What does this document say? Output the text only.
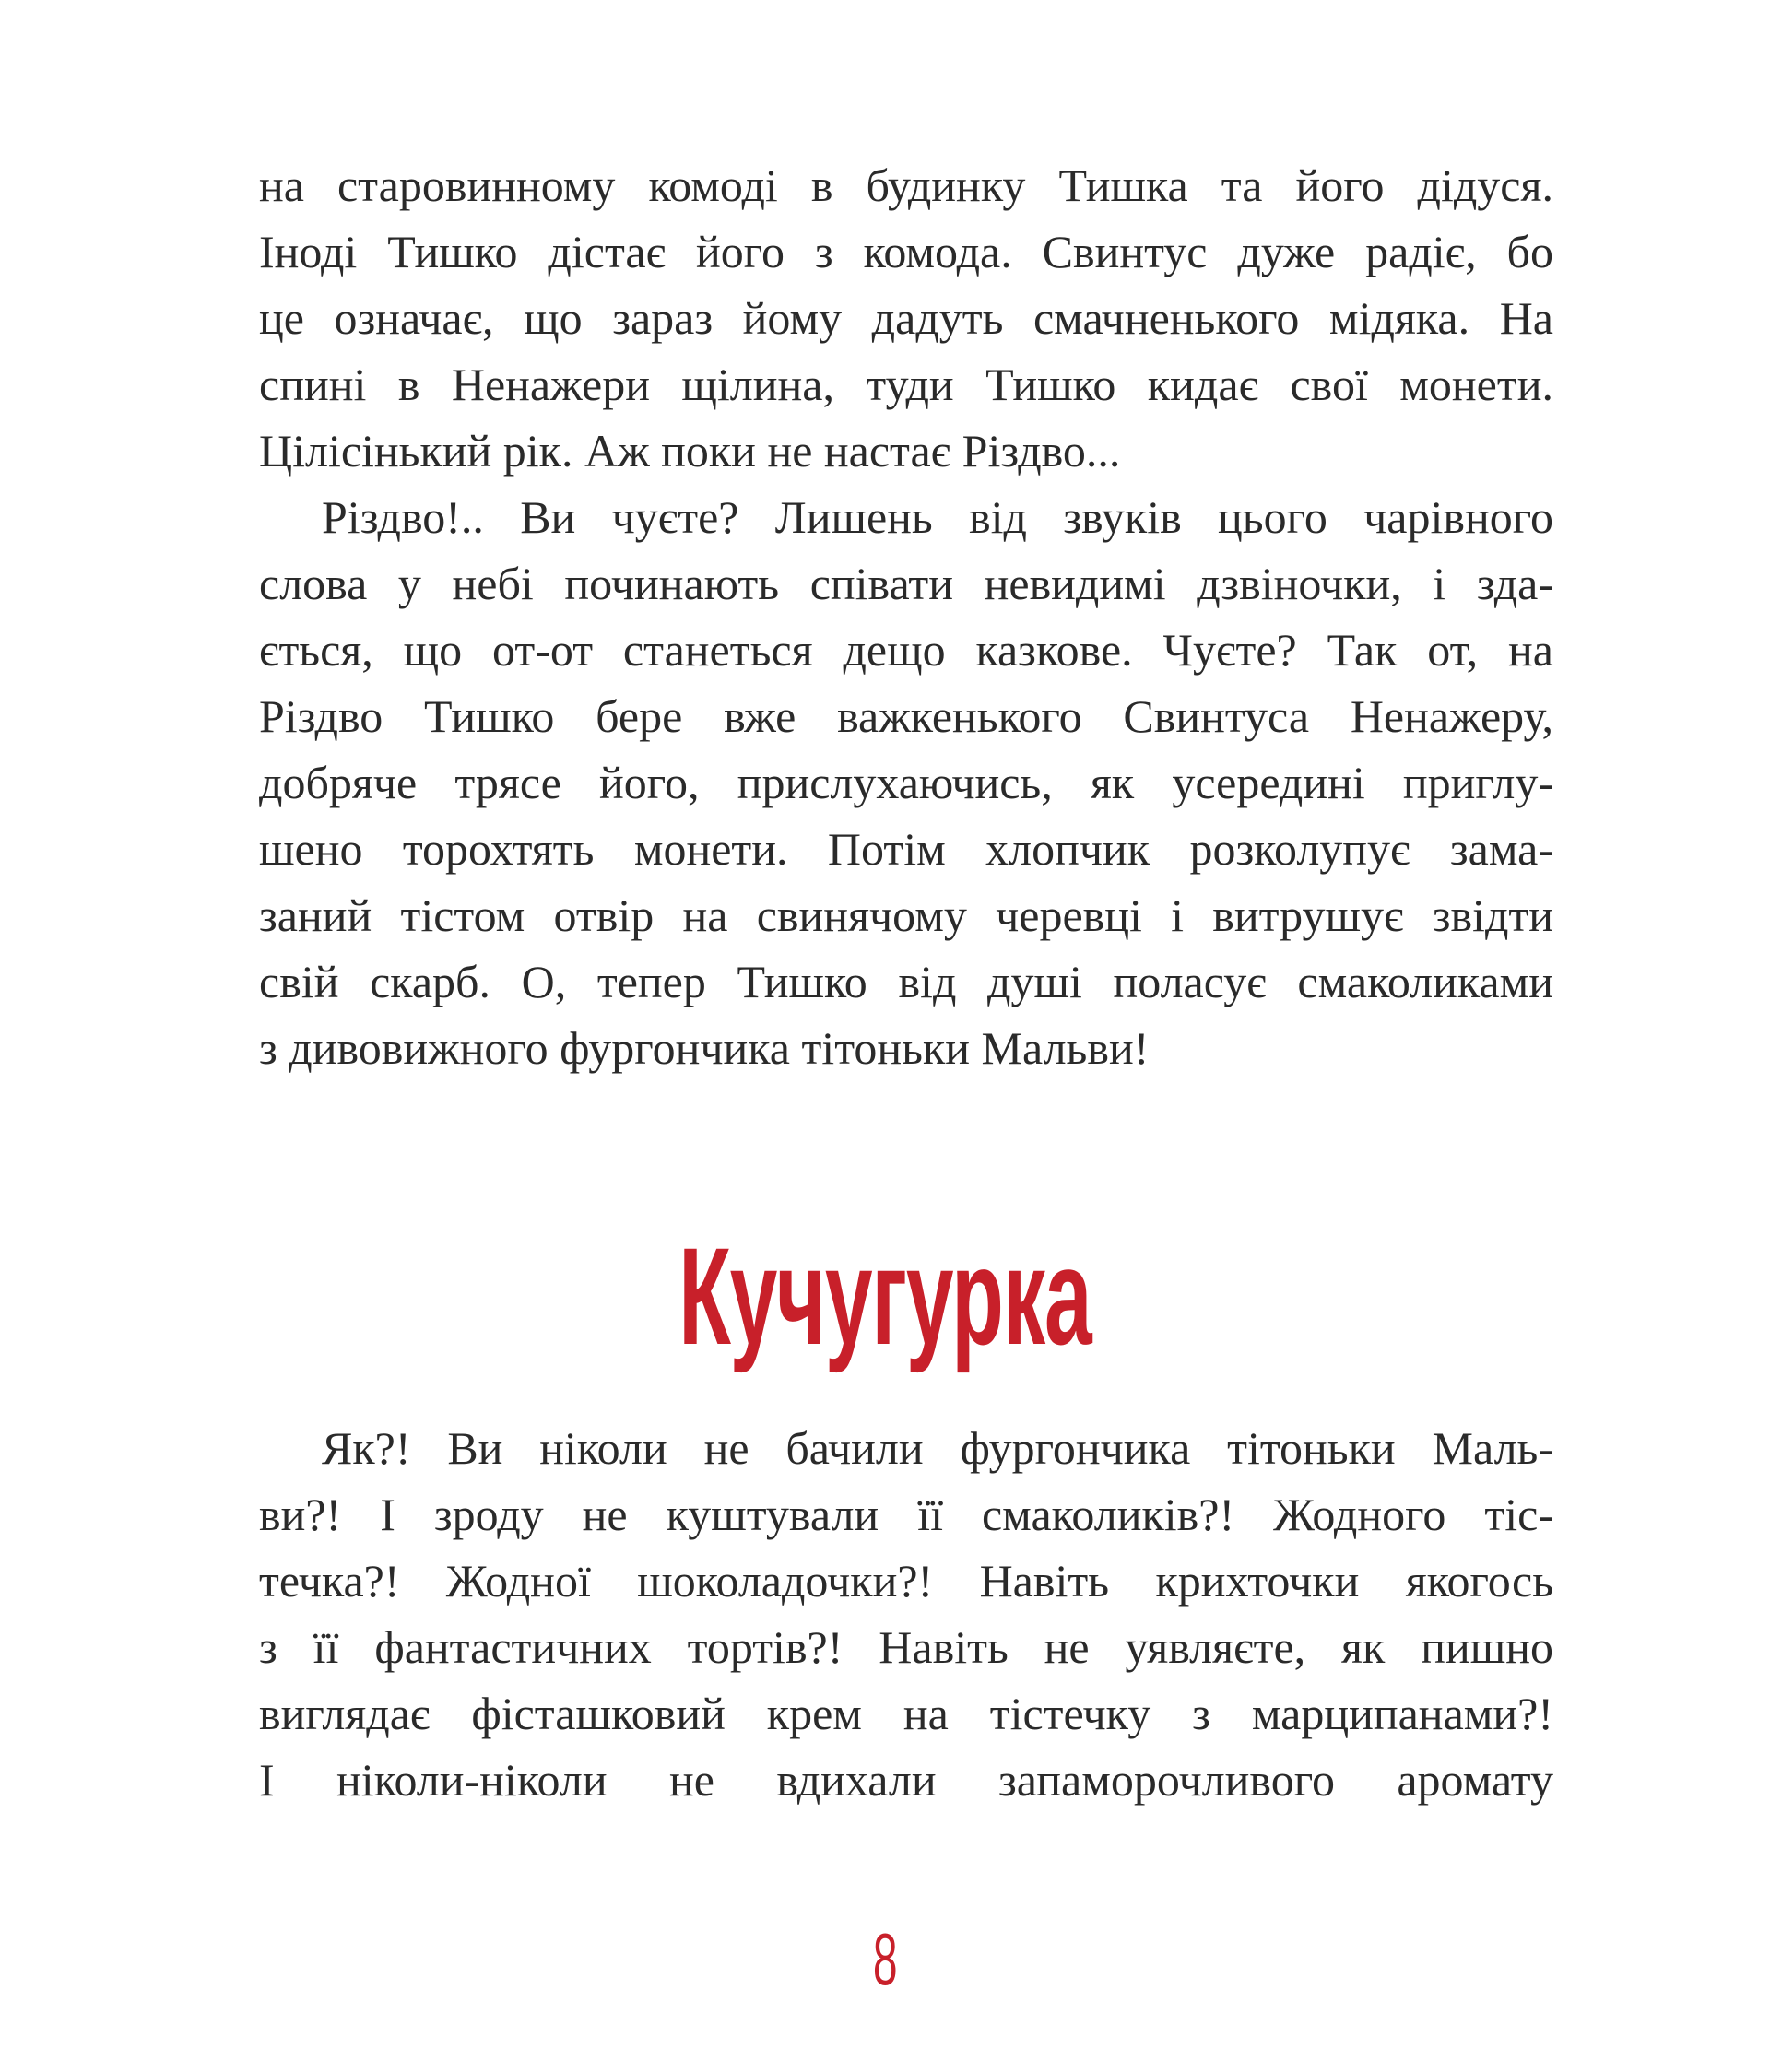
на старовинному комоді в будинку Тишка та його дідуся.
Іноді Тишко дістає його з комода. Свинтус дуже радіє, бо
це означає, що зараз йому дадуть смачненького мідяка. На
спині в Ненажери щілина, туди Тишко кидає свої монети.
Цілісінький рік. Аж поки не настає Різдво...
Різдво!.. Ви чуєте? Лишень від звуків цього чарівного
слова у небі починають співати невидимі дзвіночки, і зда-
ється, що от-от станеться дещо казкове. Чуєте? Так от, на
Різдво Тишко бере вже важкенького Свинтуса Ненажеру,
добряче трясе його, прислухаючись, як усередині приглу-
шено торохтять монети. Потім хлопчик розколупує зама-
заний тістом отвір на свинячому черевці і витрушує звідти
свій скарб. О, тепер Тишко від душі поласує смаколиками
з дивовижного фургончика тітоньки Мальви!
Кучугурка
Як?! Ви ніколи не бачили фургончика тітоньки Маль-
ви?! І зроду не куштували її смаколиків?! Жодного тіс-
течка?! Жодної шоколадочки?! Навіть крихточки якогось
з її фантастичних тортів?! Навіть не уявляєте, як пишно
виглядає фісташковий крем на тістечку з марципанами?!
І ніколи-ніколи не вдихали запаморочливого аромату
8
